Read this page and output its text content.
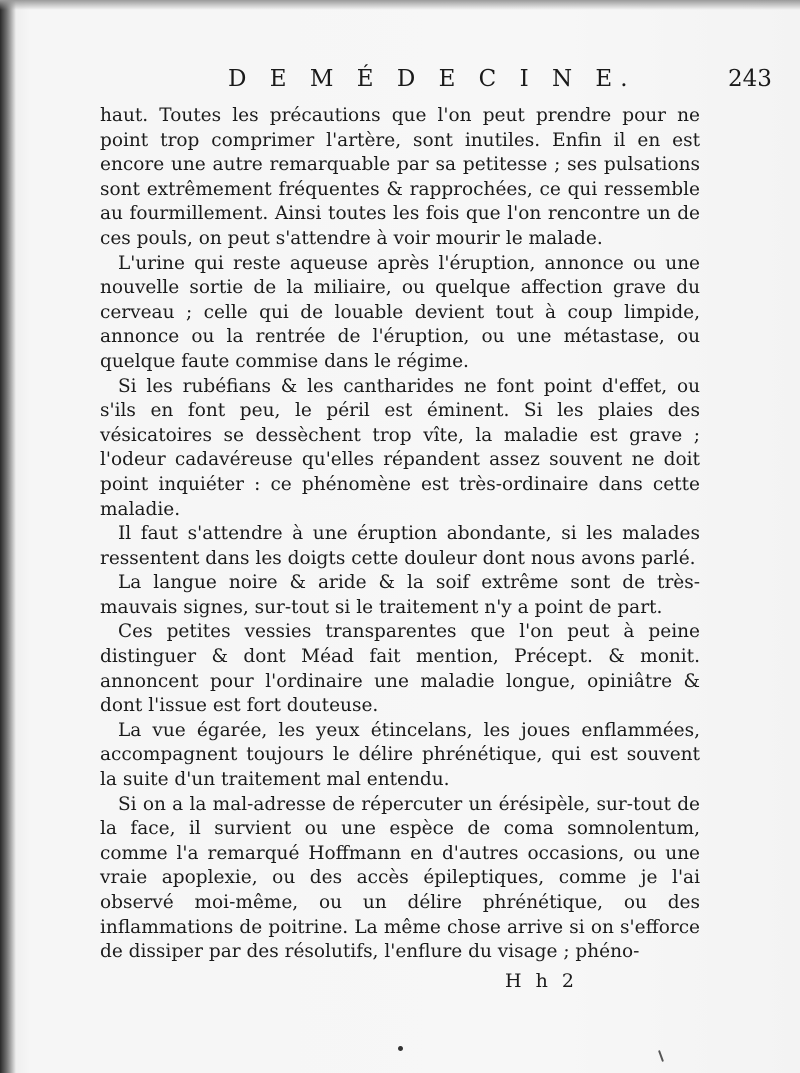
D E M É D E C I N E.	243

haut. Toutes les précautions que l'on peut prendre pour ne point trop comprimer l'artère, sont inutiles. Enfin il en est encore une autre remarquable par sa petitesse ; ses pulsations sont extrêmement fréquentes & rapprochées, ce qui ressemble au fourmillement. Ainsi toutes les fois que l'on rencontre un de ces pouls, on peut s'attendre à voir mourir le malade.

L'urine qui reste aqueuse après l'éruption, annonce ou une nouvelle sortie de la miliaire, ou quelque affection grave du cerveau ; celle qui de louable devient tout à coup limpide, annonce ou la rentrée de l'éruption, ou une métastase, ou quelque faute commise dans le régime.

Si les rubéfians & les cantharides ne font point d'effet, ou s'ils en font peu, le péril est éminent. Si les plaies des vésicatoires se dessèchent trop vîte, la maladie est grave ; l'odeur cadavéreuse qu'elles répandent assez souvent ne doit point inquiéter : ce phénomène est très-ordinaire dans cette maladie.

Il faut s'attendre à une éruption abondante, si les malades ressentent dans les doigts cette douleur dont nous avons parlé.

La langue noire & aride & la soif extrême sont de très-mauvais signes, sur-tout si le traitement n'y a point de part.

Ces petites vessies transparentes que l'on peut à peine distinguer & dont Méad fait mention, Précept. & monit. annoncent pour l'ordinaire une maladie longue, opiniâtre & dont l'issue est fort douteuse.

La vue égarée, les yeux étincelans, les joues enflammées, accompagnent toujours le délire phrénétique, qui est souvent la suite d'un traitement mal entendu.

Si on a la mal-adresse de répercuter un érésipèle, sur-tout de la face, il survient ou une espèce de coma somnolentum, comme l'a remarqué Hoffmann en d'autres occasions, ou une vraie apoplexie, ou des accès épileptiques, comme je l'ai observé moi-même, ou un délire phrénétique, ou des inflammations de poitrine. La même chose arrive si on s'efforce de dissiper par des résolutifs, l'enflure du visage ; phéno-

H h 2
